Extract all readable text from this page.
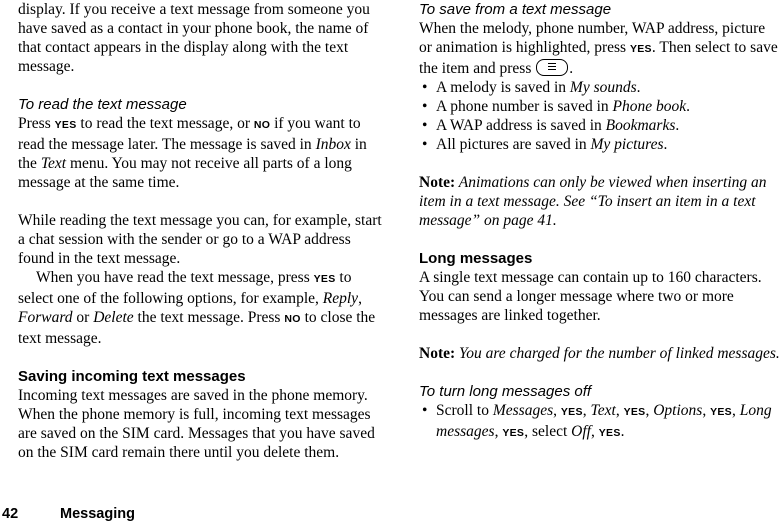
display. If you receive a text message from someone you have saved as a contact in your phone book, the name of that contact appears in the display along with the text message.

To read the text message

Press YES to read the text message, or NO if you want to read the message later. The message is saved in Inbox in the Text menu. You may not receive all parts of a long message at the same time.

While reading the text message you can, for example, start a chat session with the sender or go to a WAP address found in the text message.

When you have read the text message, press YES to select one of the following options, for example, Reply, Forward or Delete the text message. Press NO to close the text message.

Saving incoming text messages

Incoming text messages are saved in the phone memory. When the phone memory is full, incoming text messages are saved on the SIM card. Messages that you have saved on the SIM card remain there until you delete them.

To save from a text message

When the melody, phone number, WAP address, picture or animation is highlighted, press YES. Then select to save the item and press
.

• A melody is saved in My sounds.
• A phone number is saved in Phone book.
• A WAP address is saved in Bookmarks.
• All pictures are saved in My pictures.

Note: Animations can only be viewed when inserting an item in a text message. See “To insert an item in a text message” on page 41.

Long messages

A single text message can contain up to 160 characters. You can send a longer message where two or more messages are linked together.

Note: You are charged for the number of linked messages.

To turn long messages off

• Scroll to Messages, YES, Text, YES, Options, YES, Long messages, YES, select Off, YES.
42	Messaging
